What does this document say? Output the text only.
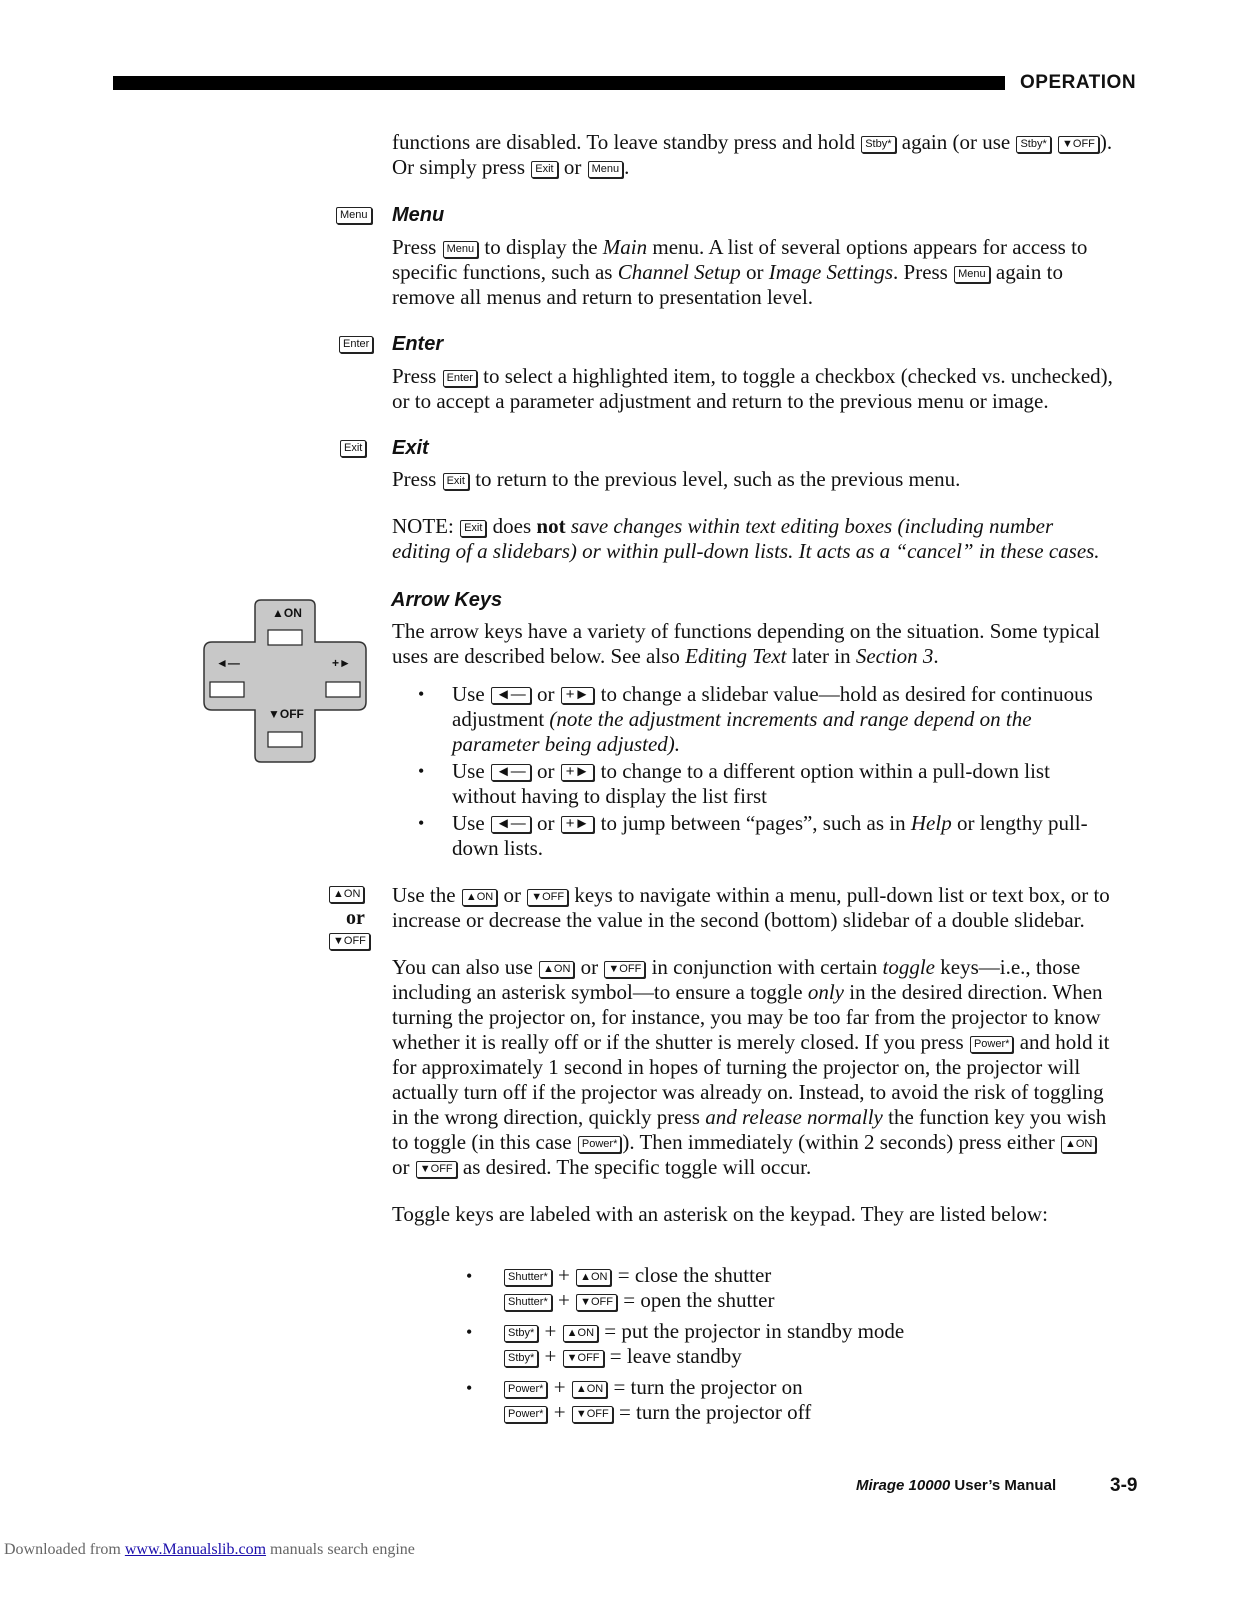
OPERATION
functions are disabled. To leave standby press and hold Stby* again (or use Stby* ▼OFF ).
Or simply press Exit or Menu .
Menu Menu
Press Menu to display the Main menu. A list of several options appears for access to
specific functions, such as Channel Setup or Image Settings. Press Menu again to
remove all menus and return to presentation level.
Enter Enter
Press Enter to select a highlighted item, to toggle a checkbox (checked vs. unchecked),
or to accept a parameter adjustment and return to the previous menu or image.
Exit Exit
Press Exit to return to the previous level, such as the previous menu.
NOTE: Exit does not save changes within text editing boxes (including number
editing of a slidebars) or within pull-down lists. It acts as a “cancel” in these cases.
▲ON
◄—	+►
▼OFF
Arrow Keys
The arrow keys have a variety of functions depending on the situation. Some typical
uses are described below. See also Editing Text later in Section 3.
• Use ◄— or +► to change a slidebar value—hold as desired for continuous
adjustment (note the adjustment increments and range depend on the
parameter being adjusted).
• Use ◄— or +► to change to a different option within a pull-down list
without having to display the list first
• Use ◄— or +► to jump between “pages”, such as in Help or lengthy pull-
down lists.
▲ON
or
▼OFF
Use the ▲ON or ▼OFF keys to navigate within a menu, pull-down list or text box, or to
increase or decrease the value in the second (bottom) slidebar of a double slidebar.
You can also use ▲ON or ▼OFF in conjunction with certain toggle keys—i.e., those
including an asterisk symbol—to ensure a toggle only in the desired direction. When
turning the projector on, for instance, you may be too far from the projector to know
whether it is really off or if the shutter is merely closed. If you press Power* and hold it
for approximately 1 second in hopes of turning the projector on, the projector will
actually turn off if the projector was already on. Instead, to avoid the risk of toggling
in the wrong direction, quickly press and release normally the function key you wish
to toggle (in this case Power* ). Then immediately (within 2 seconds) press either ▲ON
or ▼OFF as desired. The specific toggle will occur.
Toggle keys are labeled with an asterisk on the keypad. They are listed below:
•	Shutter* + ▲ON = close the shutter
Shutter* + ▼OFF = open the shutter
•	Stby* + ▲ON = put the projector in standby mode
Stby* + ▼OFF = leave standby
•	Power* + ▲ON = turn the projector on
Power* + ▼OFF = turn the projector off
Mirage 10000 User’s Manual	3-9
Downloaded from www.Manualslib.com manuals search engine
